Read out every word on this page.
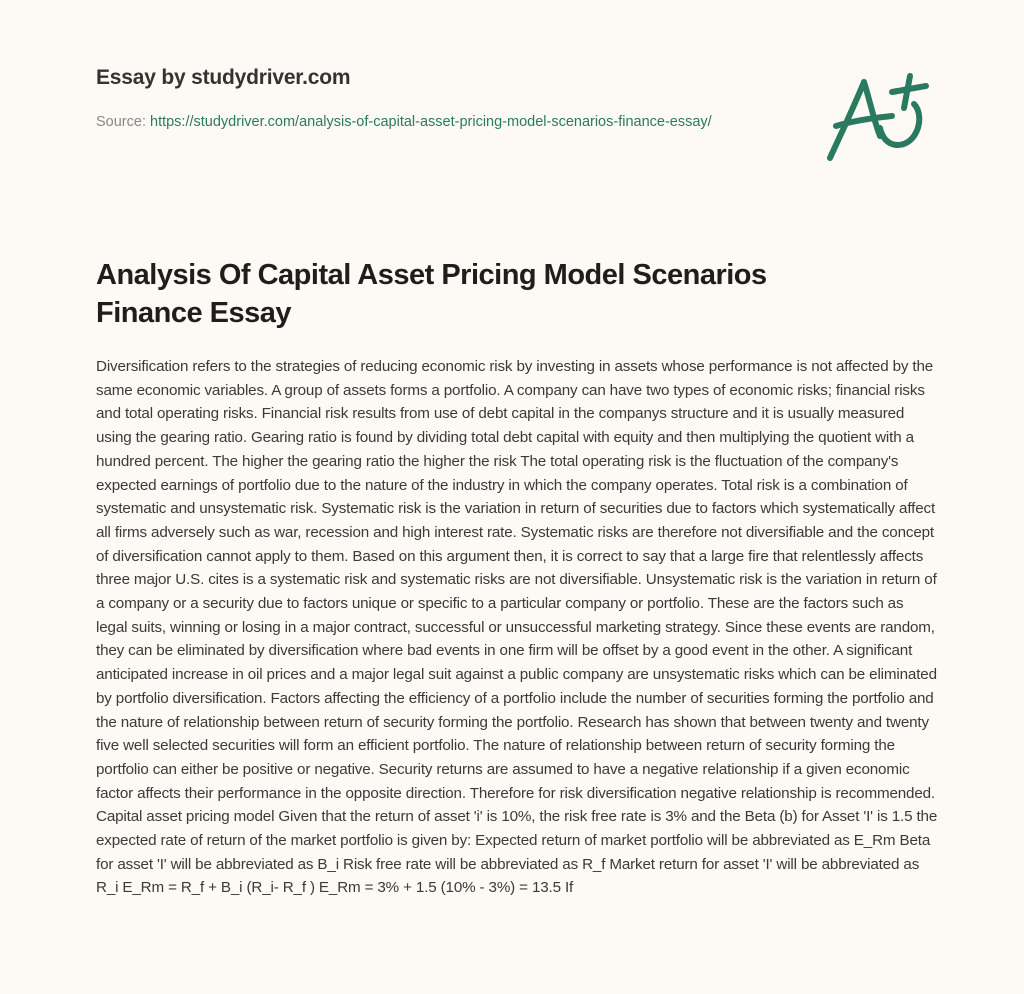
Essay by studydriver.com
Source: https://studydriver.com/analysis-of-capital-asset-pricing-model-scenarios-finance-essay/
Analysis Of Capital Asset Pricing Model Scenarios Finance Essay

Diversification refers to the strategies of reducing economic risk by investing in assets whose performance is not affected by the same economic variables. A group of assets forms a portfolio. A company can have two types of economic risks; financial risks and total operating risks. Financial risk results from use of debt capital in the companys structure and it is usually measured using the gearing ratio. Gearing ratio is found by dividing total debt capital with equity and then multiplying the quotient with a hundred percent. The higher the gearing ratio the higher the risk The total operating risk is the fluctuation of the company's expected earnings of portfolio due to the nature of the industry in which the company operates. Total risk is a combination of systematic and unsystematic risk. Systematic risk is the variation in return of securities due to factors which systematically affect all firms adversely such as war, recession and high interest rate. Systematic risks are therefore not diversifiable and the concept of diversification cannot apply to them. Based on this argument then, it is correct to say that a large fire that relentlessly affects three major U.S. cites is a systematic risk and systematic risks are not diversifiable. Unsystematic risk is the variation in return of a company or a security due to factors unique or specific to a particular company or portfolio. These are the factors such as legal suits, winning or losing in a major contract, successful or unsuccessful marketing strategy. Since these events are random, they can be eliminated by diversification where bad events in one firm will be offset by a good event in the other. A significant anticipated increase in oil prices and a major legal suit against a public company are unsystematic risks which can be eliminated by portfolio diversification. Factors affecting the efficiency of a portfolio include the number of securities forming the portfolio and the nature of relationship between return of security forming the portfolio. Research has shown that between twenty and twenty five well selected securities will form an efficient portfolio. The nature of relationship between return of security forming the portfolio can either be positive or negative. Security returns are assumed to have a negative relationship if a given economic factor affects their performance in the opposite direction. Therefore for risk diversification negative relationship is recommended. Capital asset pricing model Given that the return of asset 'i' is 10%, the risk free rate is 3% and the Beta (b) for Asset 'I' is 1.5 the expected rate of return of the market portfolio is given by: Expected return of market portfolio will be abbreviated as E_Rm Beta for asset 'I' will be abbreviated as B_i Risk free rate will be abbreviated as R_f Market return for asset 'I' will be abbreviated as R_i E_Rm = R_f + B_i (R_i- R_f ) E_Rm = 3% + 1.5 (10% - 3%) = 13.5 If
